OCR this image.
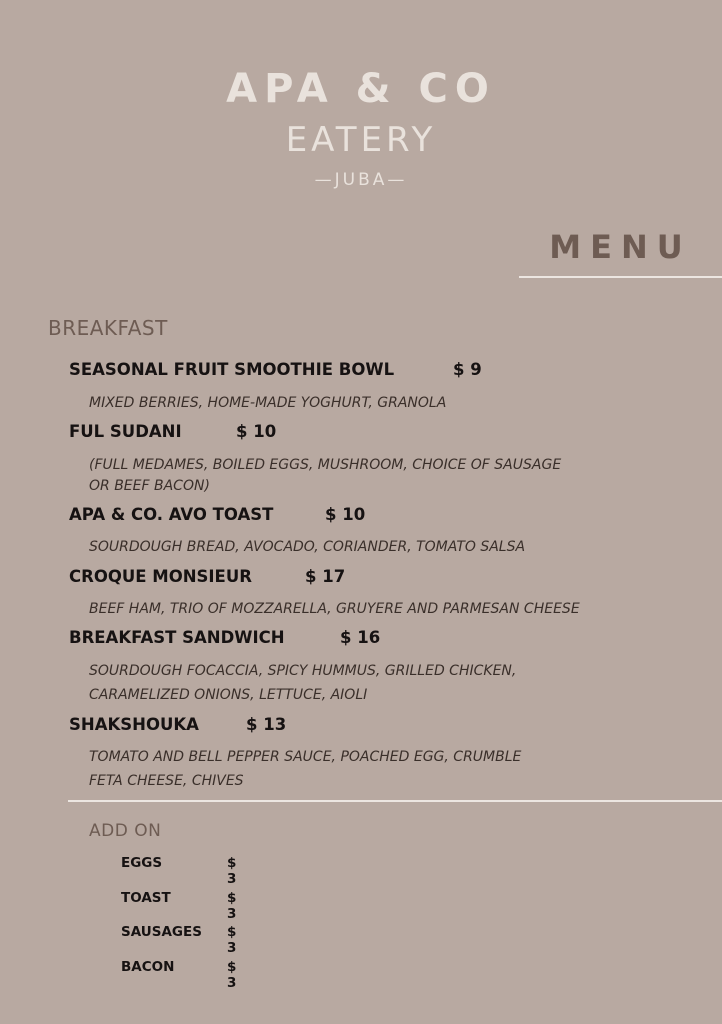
APA & CO
EATERY
—JUBA—
MENU
BREAKFAST
SEASONAL FRUIT SMOOTHIE BOWL	$ 9
MIXED BERRIES, HOME-MADE YOGHURT, GRANOLA
FUL SUDANI	$ 10
(FULL MEDAMES, BOILED EGGS, MUSHROOM, CHOICE OF SAUSAGE
OR BEEF BACON)
APA & CO. AVO TOAST	$ 10
SOURDOUGH BREAD, AVOCADO, CORIANDER, TOMATO SALSA
CROQUE MONSIEUR	$ 17
BEEF HAM, TRIO OF MOZZARELLA, GRUYERE AND PARMESAN CHEESE
BREAKFAST SANDWICH	$ 16
SOURDOUGH FOCACCIA, SPICY HUMMUS, GRILLED CHICKEN,
CARAMELIZED ONIONS, LETTUCE, AIOLI
SHAKSHOUKA	$ 13
TOMATO AND BELL PEPPER SAUCE, POACHED EGG, CRUMBLE
FETA CHEESE, CHIVES
ADD ON
EGGS	$ 3
TOAST	$ 3
SAUSAGES $ 3
BACON	$ 3
